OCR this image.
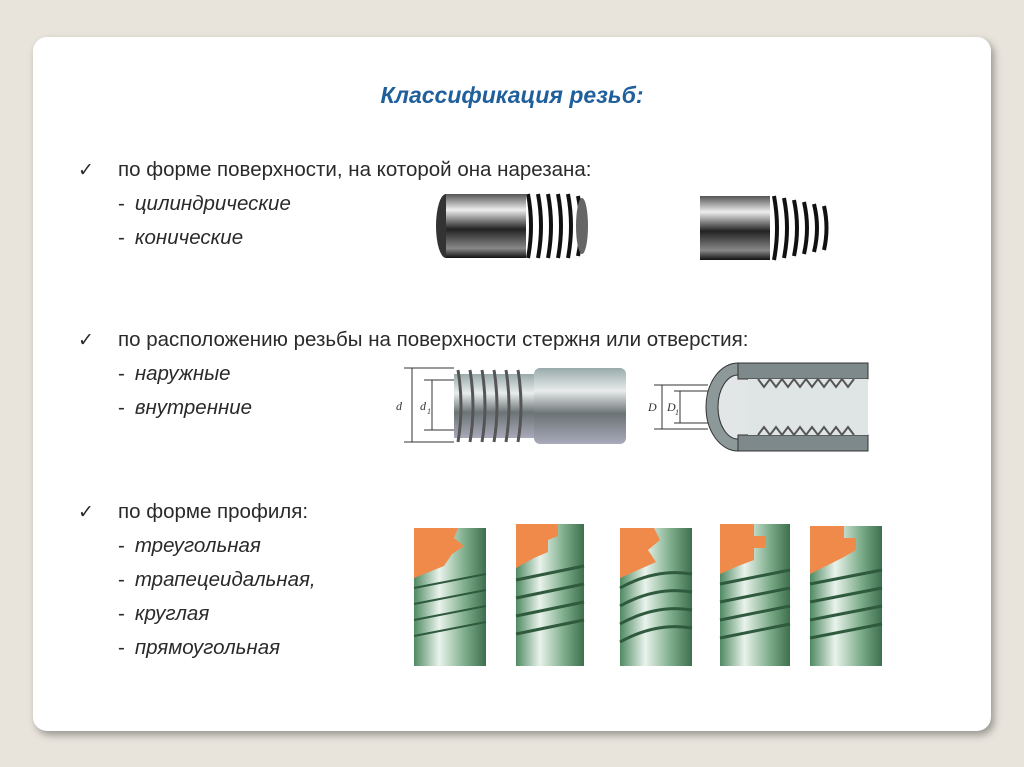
Классификация резьб:
✓ по форме поверхности, на которой она нарезана:
- цилиндрические
- конические
✓ по расположению резьбы на поверхности стержня или отверстия:
- наружные
- внутренние
✓ по форме профиля:
- треугольная
- трапецеидальная,
- круглая
- прямоугольная
d d 1	D D 1
